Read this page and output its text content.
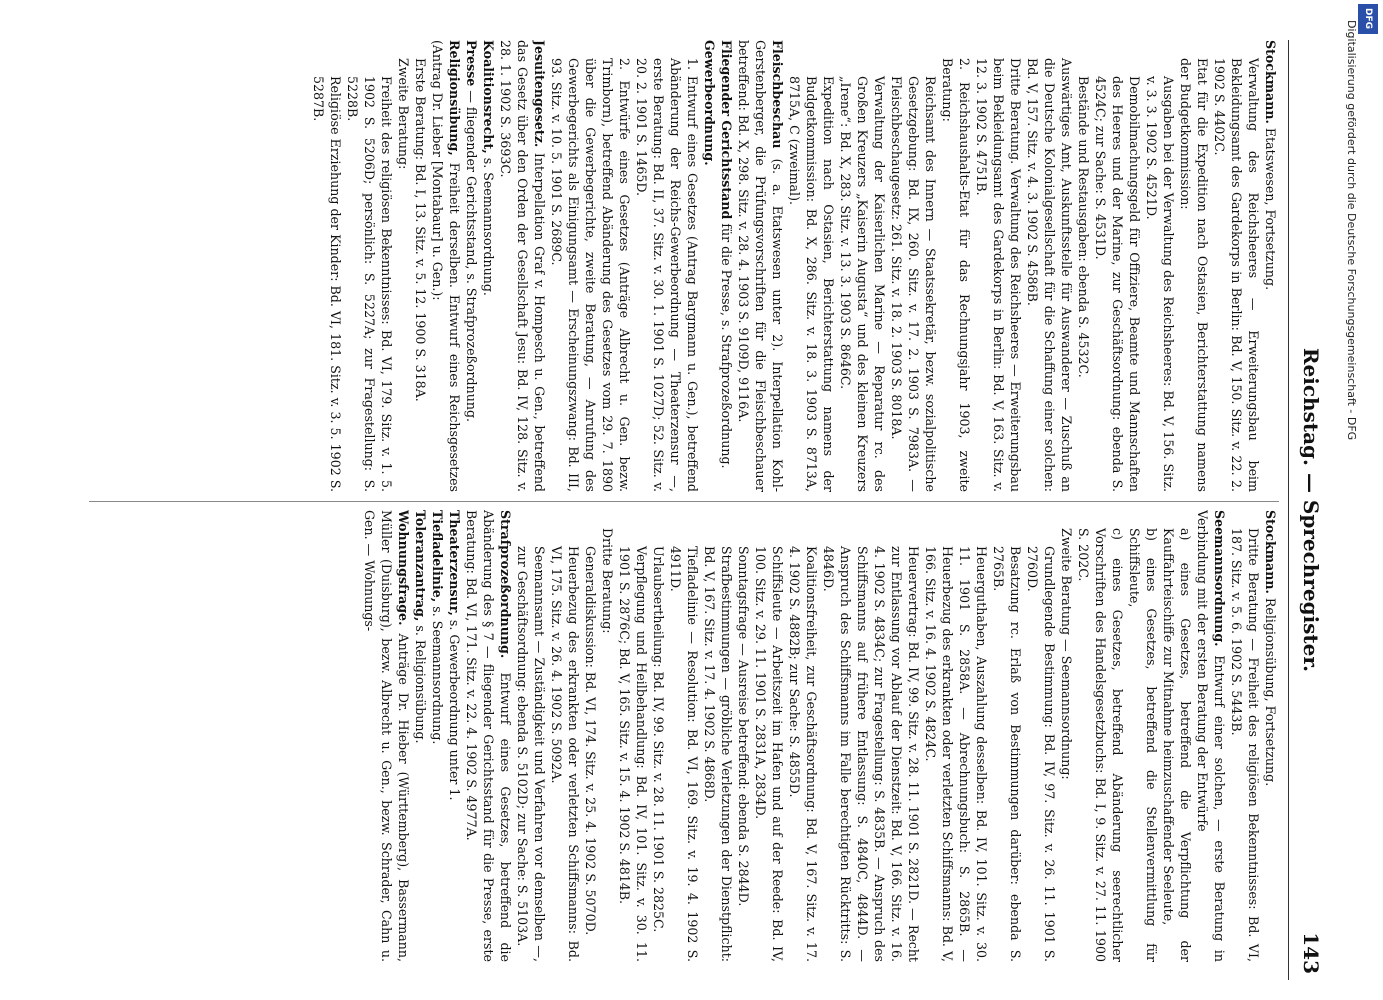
Reichstag. — Sprechregister.
143

Stockmann. Etatswesen, Fortsetzung.

Verwaltung des Reichsheeres — Erweiterungsbau beim Bekleidungsamt des Gardekorps in Berlin: Bd. V, 150. Sitz. v. 22. 2. 1902 S. 4402C.

Etat für die Expedition nach Ostasien, Berichterstattung namens der Budgetkommission:

Ausgaben bei der Verwaltung des Reichsheeres: Bd. V, 156. Sitz. v. 3. 3. 1902 S. 4521D.

Demobilmachungsgeld für Offiziere, Beamte und Mannschaften des Heeres und der Marine, zur Geschäftsordnung: ebenda S. 4524C; zur Sache: S. 4531D.

Bestände und Restausgaben: ebenda S. 4532C.

Auswärtiges Amt, Auskunftsstelle für Auswanderer — Zuschuß an die Deutsche Kolonialgesellschaft für die Schaffung einer solchen: Bd. V, 157. Sitz. v. 4. 3. 1902 S. 4586B.

Dritte Beratung. Verwaltung des Reichsheeres — Erweiterungsbau beim Bekleidungsamt des Gardekorps in Berlin: Bd. V, 163. Sitz. v. 12. 3. 1902 S. 4751B.

2. Reichshaushalts-Etat für das Rechnungsjahr 1903, zweite Beratung:

Reichsamt des Innern — Staatssekretär, bezw. sozialpolitische Gesetzgebung: Bd. IX, 260. Sitz. v. 17. 2. 1903 S. 7983A. — Fleischbeschaugesetz: 261. Sitz. v. 18. 2. 1903 S. 8018A.

Verwaltung der Kaiserlichen Marine — Reparatur rc. des Großen Kreuzers „Kaiserin Augusta“ und des kleinen Kreuzers „Irene“: Bd. X, 283. Sitz. v. 13. 3. 1903 S. 8646C.

Expedition nach Ostasien, Berichterstattung namens der Budgetkommission: Bd. X, 286. Sitz. v. 18. 3. 1903 S. 8713A, 8715A, C (zweimal).

Fleischbeschau (s. a. Etatswesen unter 2). Interpellation Kohl-Gerstenberger, die Prüfungsvorschriften für die Fleischbeschauer betreffend: Bd. X, 298. Sitz. v. 28. 4. 1903 S. 9109D, 9116A.

Fliegender Gerichtsstand für die Presse, s. Strafprozeßordnung.

Gewerbeordnung.

1. Entwurf eines Gesetzes (Antrag Bargmann u. Gen.), betreffend Abänderung der Reichs-Gewerbeordnung — Theaterzensur —, erste Beratung: Bd. II, 37. Sitz. v. 30. 1. 1901 S. 1027D; 52. Sitz. v. 20. 2. 1901 S. 1465D.

2. Entwürfe eines Gesetzes (Anträge Albrecht u. Gen. bezw. Trimborn), betreffend Abänderung des Gesetzes vom 29. 7. 1890 über die Gewerbegerichte, zweite Beratung, — Anrufung des Gewerbegerichts als Einigungsamt — Erscheinungszwang: Bd. III, 93. Sitz. v. 10. 5. 1901 S. 2689C.

Jesuitengesetz. Interpellation Graf v. Hompesch u. Gen., betreffend das Gesetz über den Orden der Gesellschaft Jesu: Bd. IV, 128. Sitz. v. 28. 1. 1902 S. 3693C.

Koalitionsrecht, s. Seemannsordnung.

Presse — fliegender Gerichtsstand, s. Strafprozeßordnung.

Religionsübung, Freiheit derselben. Entwurf eines Reichsgesetzes (Antrag Dr. Lieber [Montabaur] u. Gen.):

Erste Beratung: Bd. I, 13. Sitz. v. 5. 12. 1900 S. 318A.

Zweite Beratung:

Freiheit des religiösen Bekenntnisses: Bd. VI, 179. Sitz. v. 1. 5. 1902 S. 5206D; persönlich: S. 5227A; zur Fragestellung: S. 5228B.

Religiöse Erziehung der Kinder: Bd. VI, 181. Sitz. v. 3. 5. 1902 S. 5287B.

Stockmann. Religionsübung, Fortsetzung.

Dritte Beratung — Freiheit des religiösen Bekenntnisses: Bd. VI, 187. Sitz. v. 5. 6. 1902 S. 5443B.

Seemannsordnung. Entwurf einer solchen, — erste Beratung in Verbindung mit der ersten Beratung der Entwürfe

a) eines Gesetzes, betreffend die Verpflichtung der Kauffahrteischiffe zur Mitnahme heimzuschaffender Seeleute,

b) eines Gesetzes, betreffend die Stellenvermittlung für Schiffsleute,

c) eines Gesetzes, betreffend Abänderung seerechtlicher Vorschriften des Handelsgesetzbuchs: Bd. I, 9. Sitz. v. 27. 11. 1900 S. 202C.

Zweite Beratung — Seemannsordnung:

Grundlegende Bestimmung: Bd. IV, 97. Sitz. v. 26. 11. 1901 S. 2760D.

Besatzung rc. Erlaß von Bestimmungen darüber: ebenda S. 2765B.

Heuerguthaben, Auszahlung desselben: Bd. IV, 101. Sitz. v. 30. 11. 1901 S. 2858A. — Abrechnungsbuch: S. 2865B. — Heuerbezug des erkrankten oder verletzten Schiffsmanns: Bd. V, 166. Sitz. v. 16. 4. 1902 S. 4824C.

Heuervertrag: Bd. IV, 99. Sitz. v. 28. 11. 1901 S. 2821D. — Recht zur Entlassung vor Ablauf der Dienstzeit: Bd. V, 166. Sitz. v. 16. 4. 1902 S. 4834C; zur Fragestellung: S. 4835B. — Anspruch des Schiffsmanns auf frühere Entlassung: S. 4840C, 4844D. — Anspruch des Schiffsmanns im Falle berechtigten Rücktritts: S. 4846D.

Koalitionsfreiheit, zur Geschäftsordnung: Bd. V, 167. Sitz. v. 17. 4. 1902 S. 4882B; zur Sache: S. 4855D.

Schiffsleute — Arbeitszeit im Hafen und auf der Reede: Bd. IV, 100. Sitz. v. 29. 11. 1901 S. 2831A, 2834D.

Sonntagsfrage — Ausreise betreffend: ebenda S. 2844D.

Strafbestimmungen — gröbliche Verletzungen der Dienstpflicht: Bd. V, 167. Sitz. v. 17. 4. 1902 S. 4868D.

Tiefladelinie — Resolution: Bd. VI, 169. Sitz. v. 19. 4. 1902 S. 4911D.

Urlaubsertheilung: Bd. IV, 99. Sitz. v. 28. 11. 1901 S. 2825C.

Verpflegung und Heilbehandlung: Bd. IV, 101. Sitz. v. 30. 11. 1901 S. 2876C; Bd. V, 165. Sitz. v. 15. 4. 1902 S. 4814B.

Dritte Beratung:

Generaldiskussion: Bd. VI, 174. Sitz. v. 25. 4. 1902 S. 5070D.

Heuerbezug des erkrankten oder verletzten Schiffsmanns: Bd. VI, 175. Sitz. v. 26. 4. 1902 S. 5092A.

Seemannsamt — Zuständigkeit und Verfahren vor demselben —, zur Geschäftsordnung: ebenda S. 5102D; zur Sache: S. 5103A.

Strafprozeßordnung. Entwurf eines Gesetzes, betreffend die Abänderung des § 7 — fliegender Gerichtsstand für die Presse, erste Beratung: Bd. VI, 171. Sitz. v. 22. 4. 1902 S. 4977A.

Theaterzensur, s. Gewerbeordnung unter 1.

Tiefladelinie, s. Seemannsordnung.

Toleranzantrag, s. Religionsübung.

Wohnungsfrage. Anträge Dr. Hieber (Württemberg), Bassermann, Müller (Duisburg), bezw. Albrecht u. Gen., bezw. Schrader, Cahn u. Gen. — Wohnungs-

Digitalisierung gefördert durch die Deutsche Forschungsgemeinschaft - DFG
DFG
